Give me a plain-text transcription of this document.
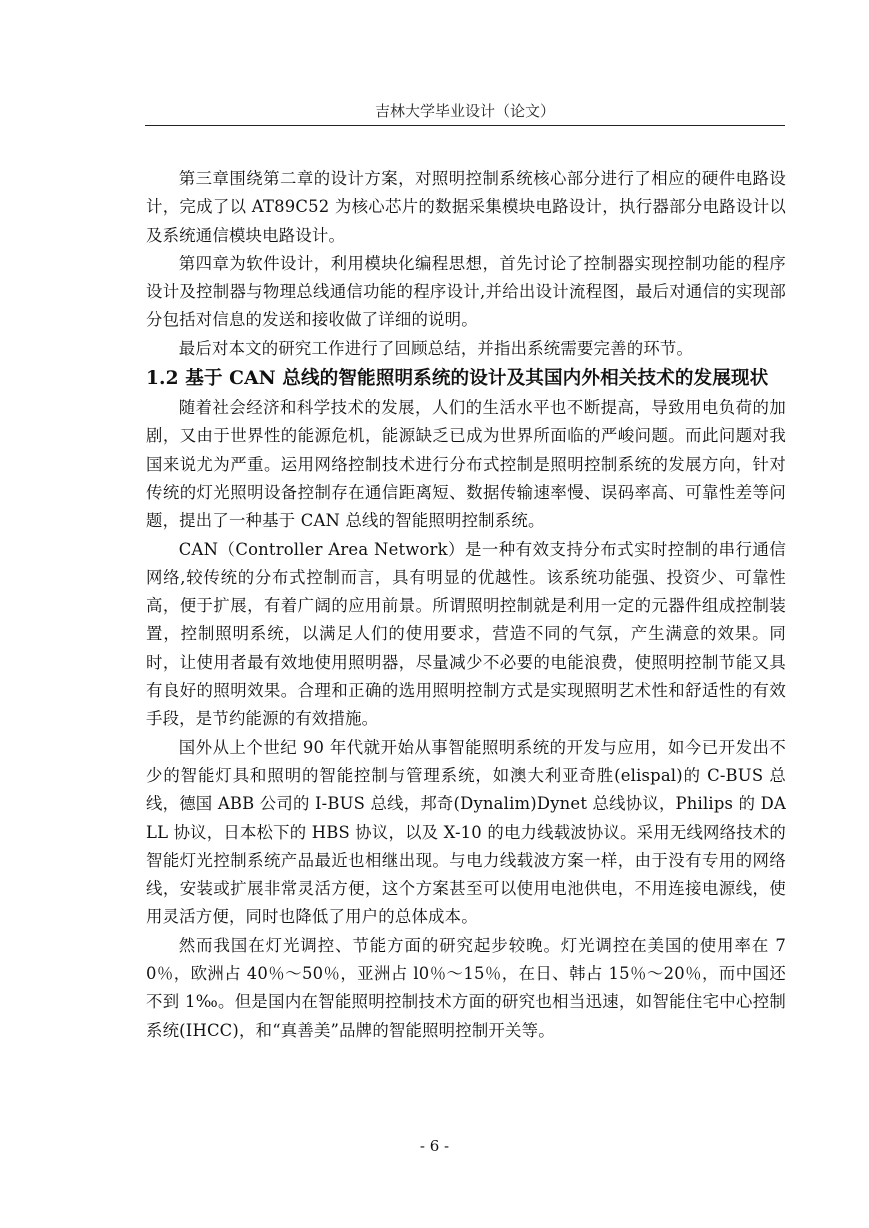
吉林大学毕业设计（论文）

第三章围绕第二章的设计方案，对照明控制系统核心部分进行了相应的硬件电路设计，完成了以 AT89C52 为核心芯片的数据采集模块电路设计，执行器部分电路设计以及系统通信模块电路设计。

第四章为软件设计，利用模块化编程思想，首先讨论了控制器实现控制功能的程序设计及控制器与物理总线通信功能的程序设计,并给出设计流程图，最后对通信的实现部分包括对信息的发送和接收做了详细的说明。

最后对本文的研究工作进行了回顾总结，并指出系统需要完善的环节。

1.2 基于 CAN 总线的智能照明系统的设计及其国内外相关技术的发展现状

随着社会经济和科学技术的发展，人们的生活水平也不断提高，导致用电负荷的加剧，又由于世界性的能源危机，能源缺乏已成为世界所面临的严峻问题。而此问题对我国来说尤为严重。运用网络控制技术进行分布式控制是照明控制系统的发展方向，针对传统的灯光照明设备控制存在通信距离短、数据传输速率慢、误码率高、可靠性差等问题，提出了一种基于 CAN 总线的智能照明控制系统。

CAN（Controller Area Network）是一种有效支持分布式实时控制的串行通信网络,较传统的分布式控制而言，具有明显的优越性。该系统功能强、投资少、可靠性高，便于扩展，有着广阔的应用前景。所谓照明控制就是利用一定的元器件组成控制装置，控制照明系统，以满足人们的使用要求，营造不同的气氛，产生满意的效果。同时，让使用者最有效地使用照明器，尽量减少不必要的电能浪费，使照明控制节能又具有良好的照明效果。合理和正确的选用照明控制方式是实现照明艺术性和舒适性的有效手段，是节约能源的有效措施。

国外从上个世纪 90 年代就开始从事智能照明系统的开发与应用，如今已开发出不少的智能灯具和照明的智能控制与管理系统，如澳大利亚奇胜(elispal)的 C-BUS 总线，德国 ABB 公司的 I-BUS 总线，邦奇(Dynalim)Dynet 总线协议，Philips 的 DALL 协议，日本松下的 HBS 协议，以及 X-10 的电力线载波协议。采用无线网络技术的智能灯光控制系统产品最近也相继出现。与电力线载波方案一样，由于没有专用的网络线，安装或扩展非常灵活方便，这个方案甚至可以使用电池供电，不用连接电源线，使用灵活方便，同时也降低了用户的总体成本。

然而我国在灯光调控、节能方面的研究起步较晚。灯光调控在美国的使用率在 70％，欧洲占 40％～50％，亚洲占 l0％～15％，在日、韩占 15％～20％，而中国还不到 1‰。但是国内在智能照明控制技术方面的研究也相当迅速，如智能住宅中心控制系统(IHCC)，和“真善美”品牌的智能照明控制开关等。

- 6 -
